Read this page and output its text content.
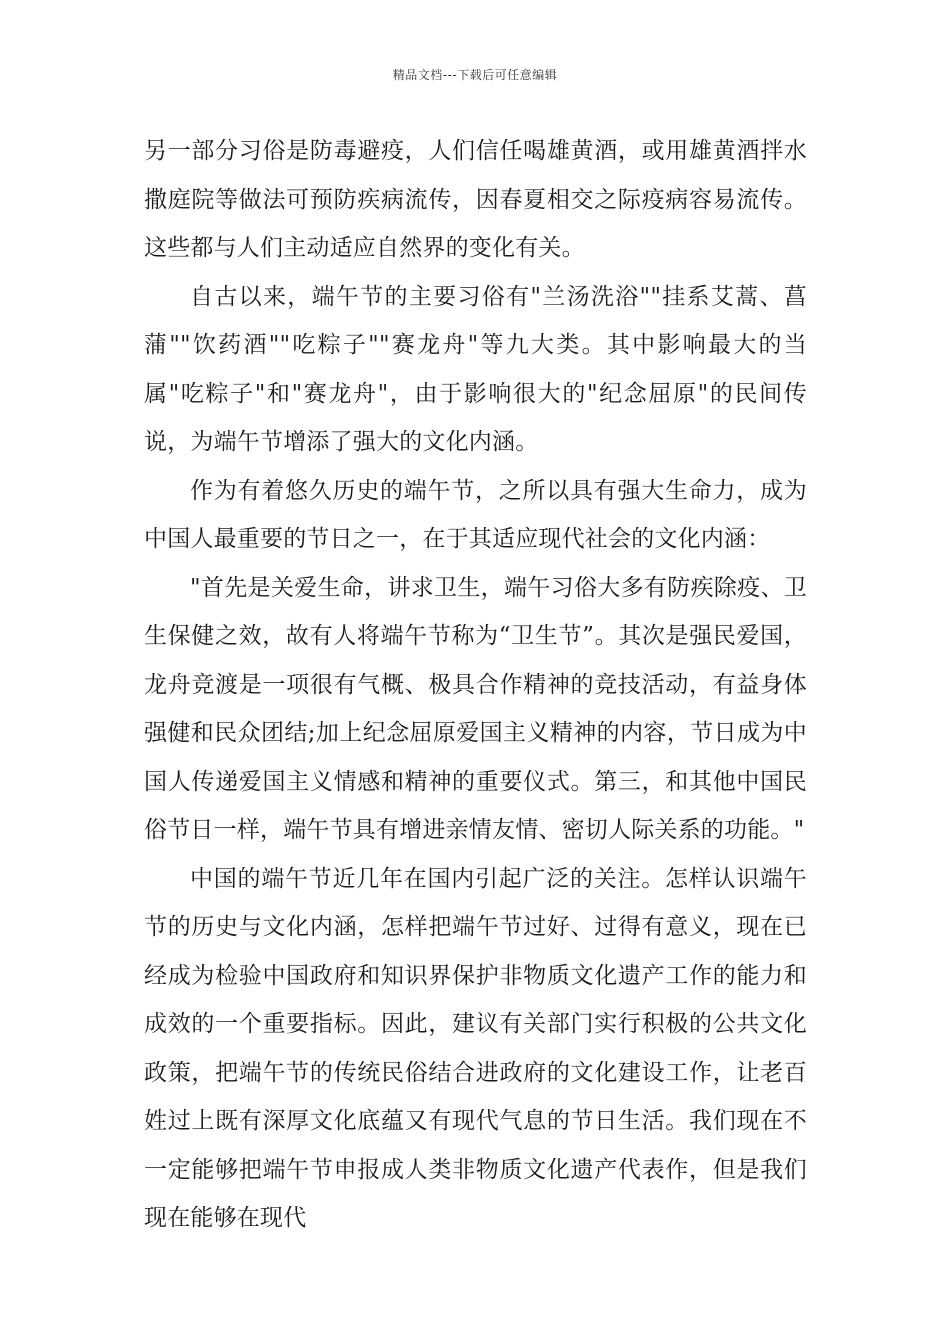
精品文档---下载后可任意编辑

另一部分习俗是防毒避疫，人们信任喝雄黄酒，或用雄黄酒拌水撒庭院等做法可预防疾病流传，因春夏相交之际疫病容易流传。这些都与人们主动适应自然界的变化有关。

自古以来，端午节的主要习俗有"兰汤洗浴""挂系艾蒿、菖蒲""饮药酒""吃粽子""赛龙舟"等九大类。其中影响最大的当属"吃粽子"和"赛龙舟"，由于影响很大的"纪念屈原"的民间传说，为端午节增添了强大的文化内涵。

作为有着悠久历史的端午节，之所以具有强大生命力，成为中国人最重要的节日之一，在于其适应现代社会的文化内涵：

"首先是关爱生命，讲求卫生，端午习俗大多有防疾除疫、卫生保健之效，故有人将端午节称为“卫生节”。其次是强民爱国，龙舟竞渡是一项很有气概、极具合作精神的竞技活动，有益身体强健和民众团结;加上纪念屈原爱国主义精神的内容，节日成为中国人传递爱国主义情感和精神的重要仪式。第三，和其他中国民俗节日一样，端午节具有增进亲情友情、密切人际关系的功能。"

中国的端午节近几年在国内引起广泛的关注。怎样认识端午节的历史与文化内涵，怎样把端午节过好、过得有意义，现在已经成为检验中国政府和知识界保护非物质文化遗产工作的能力和成效的一个重要指标。因此，建议有关部门实行积极的公共文化政策，把端午节的传统民俗结合进政府的文化建设工作，让老百姓过上既有深厚文化底蕴又有现代气息的节日生活。我们现在不一定能够把端午节申报成人类非物质文化遗产代表作，但是我们现在能够在现代
